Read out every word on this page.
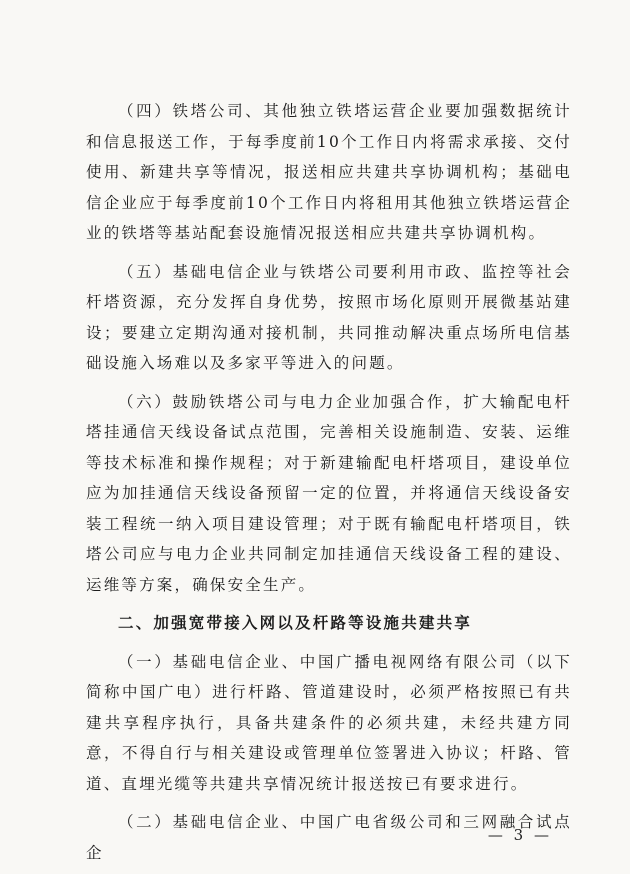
（四）铁塔公司、其他独立铁塔运营企业要加强数据统计和信息报送工作，于每季度前10个工作日内将需求承接、交付使用、新建共享等情况，报送相应共建共享协调机构；基础电信企业应于每季度前10个工作日内将租用其他独立铁塔运营企业的铁塔等基站配套设施情况报送相应共建共享协调机构。

（五）基础电信企业与铁塔公司要利用市政、监控等社会杆塔资源，充分发挥自身优势，按照市场化原则开展微基站建设；要建立定期沟通对接机制，共同推动解决重点场所电信基础设施入场难以及多家平等进入的问题。

（六）鼓励铁塔公司与电力企业加强合作，扩大输配电杆塔挂通信天线设备试点范围，完善相关设施制造、安装、运维等技术标准和操作规程；对于新建输配电杆塔项目，建设单位应为加挂通信天线设备预留一定的位置，并将通信天线设备安装工程统一纳入项目建设管理；对于既有输配电杆塔项目，铁塔公司应与电力企业共同制定加挂通信天线设备工程的建设、运维等方案，确保安全生产。

二、加强宽带接入网以及杆路等设施共建共享

（一）基础电信企业、中国广播电视网络有限公司（以下简称中国广电）进行杆路、管道建设时，必须严格按照已有共建共享程序执行，具备共建条件的必须共建，未经共建方同意，不得自行与相关建设或管理单位签署进入协议；杆路、管道、直埋光缆等共建共享情况统计报送按已有要求进行。

（二）基础电信企业、中国广电省级公司和三网融合试点企

— 3 —
